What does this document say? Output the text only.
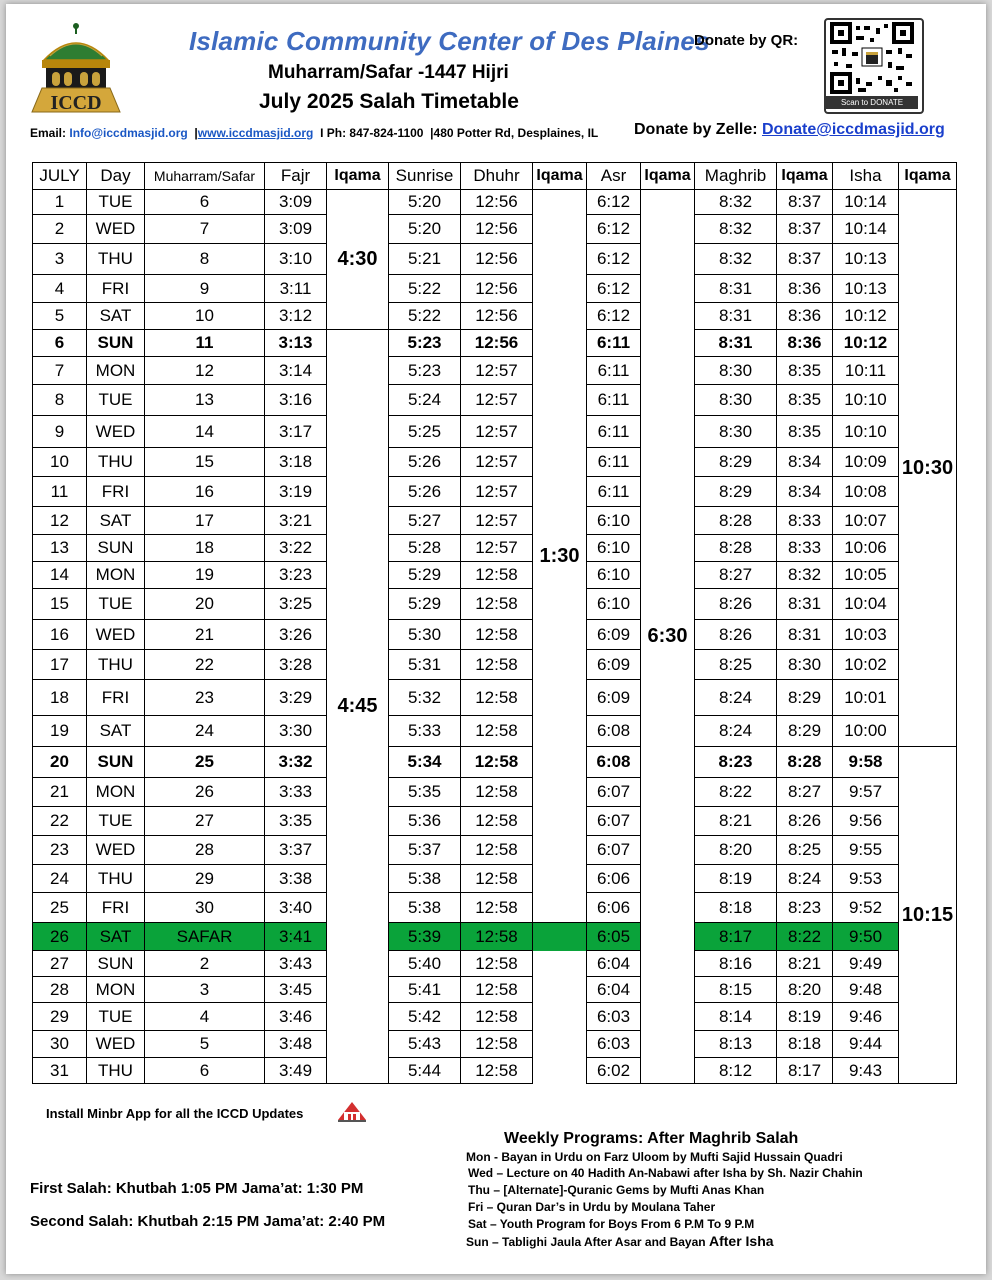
ICCD
Islamic Community Center of Des Plaines
Muharram/Safar -1447 Hijri
July 2025 Salah Timetable
Donate by QR:
Scan to DONATE
Email: Info@iccdmasjid.org  |www.iccdmasjid.org  I Ph: 847-824-1100  |480 Potter Rd, Desplaines, IL Donate by Zelle: Donate@iccdmasjid.org
JULY	Day	Muharram/Safar	Fajr	Iqama	Sunrise	Dhuhr	Iqama	Asr	Iqama	Maghrib	Iqama	Isha	Iqama
1	TUE	6	3:09	4:30	5:20	12:56	1:30	6:12	6:30	8:32	8:37	10:14	10:30
2	WED	7	3:09		5:20	12:56		6:12		8:32	8:37	10:14	
3	THU	8	3:10		5:21	12:56		6:12		8:32	8:37	10:13	
4	FRI	9	3:11		5:22	12:56		6:12		8:31	8:36	10:13	
5	SAT	10	3:12		5:22	12:56		6:12		8:31	8:36	10:12	
6	SUN	11	3:13	4:45	5:23	12:56		6:11		8:31	8:36	10:12	
7	MON	12	3:14		5:23	12:57		6:11		8:30	8:35	10:11	
8	TUE	13	3:16		5:24	12:57		6:11		8:30	8:35	10:10	
9	WED	14	3:17		5:25	12:57		6:11		8:30	8:35	10:10	
10	THU	15	3:18		5:26	12:57		6:11		8:29	8:34	10:09	
11	FRI	16	3:19		5:26	12:57		6:11		8:29	8:34	10:08	
12	SAT	17	3:21		5:27	12:57		6:10		8:28	8:33	10:07	
13	SUN	18	3:22		5:28	12:57		6:10		8:28	8:33	10:06	
14	MON	19	3:23		5:29	12:58		6:10		8:27	8:32	10:05	
15	TUE	20	3:25		5:29	12:58		6:10		8:26	8:31	10:04	
16	WED	21	3:26		5:30	12:58		6:09		8:26	8:31	10:03	
17	THU	22	3:28		5:31	12:58		6:09		8:25	8:30	10:02	
18	FRI	23	3:29		5:32	12:58		6:09		8:24	8:29	10:01	
19	SAT	24	3:30		5:33	12:58		6:08		8:24	8:29	10:00	
20	SUN	25	3:32		5:34	12:58		6:08		8:23	8:28	9:58	10:15
21	MON	26	3:33		5:35	12:58		6:07		8:22	8:27	9:57	
22	TUE	27	3:35		5:36	12:58		6:07		8:21	8:26	9:56	
23	WED	28	3:37		5:37	12:58		6:07		8:20	8:25	9:55	
24	THU	29	3:38		5:38	12:58		6:06		8:19	8:24	9:53	
25	FRI	30	3:40		5:38	12:58		6:06		8:18	8:23	9:52	
26	SAT	SAFAR	3:41		5:39	12:58		6:05		8:17	8:22	9:50	
27	SUN	2	3:43		5:40	12:58		6:04		8:16	8:21	9:49	
28	MON	3	3:45		5:41	12:58		6:04		8:15	8:20	9:48	
29	TUE	4	3:46		5:42	12:58		6:03		8:14	8:19	9:46	
30	WED	5	3:48		5:43	12:58		6:03		8:13	8:18	9:44	
31	THU	6	3:49		5:44	12:58		6:02		8:12	8:17	9:43	
Install Minbr App for all the ICCD Updates
Weekly Programs: After Maghrib Salah
Mon - Bayan in Urdu on Farz Uloom by Mufti Sajid Hussain Quadri
Wed – Lecture on 40 Hadith An-Nabawi after Isha by Sh. Nazir Chahin
Thu – [Alternate]-Quranic Gems by Mufti Anas Khan
Fri – Quran Dar’s in Urdu by Moulana Taher
Sat – Youth Program for Boys From 6 P.M To 9 P.M
Sun – Tablighi Jaula After Asar and Bayan After Isha
First Salah: Khutbah 1:05 PM Jama’at: 1:30 PM
Second Salah: Khutbah 2:15 PM Jama’at: 2:40 PM
